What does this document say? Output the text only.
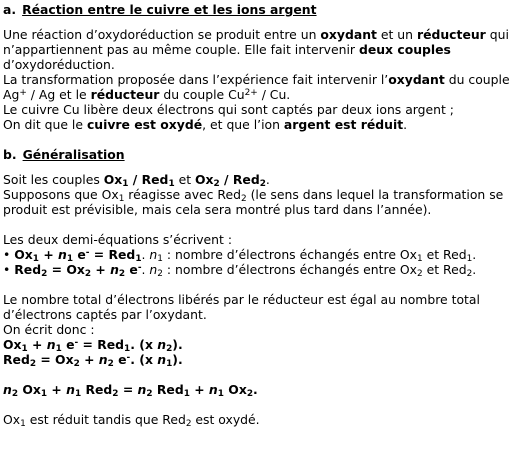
a. Réaction entre le cuivre et les ions argent

Une réaction d’oxydoréduction se produit entre un oxydant et un réducteur qui n’appartiennent pas au même couple. Elle fait intervenir deux couples d’oxydoréduction.

La transformation proposée dans l’expérience fait intervenir l’oxydant du couple Ag+ / Ag et le réducteur du couple $Cu^{2+}$ / Cu.

Le cuivre Cu libère deux électrons qui sont captés par deux ions argent ;

On dit que le cuivre est oxydé, et que l’ion argent est réduit.

b. Généralisation

Soit les couples $Ox_1 / Red_1$ et $Ox_2 / Red_2$.

Supposons que $Ox_1$ réagisse avec Red$_2$ (le sens dans lequel la transformation se produit est prévisible, mais cela sera montré plus tard dans l’année).

Les deux demi-équations s’écrivent :

• $Ox_1 + n_1$ e- = Red$_1$. $n_1$ : nombre d’électrons échangés entre $Ox_1$ et Red$_1$.

• $Red_2 = Ox_2 + n_2$ e-. $n_2$ : nombre d’électrons échangés entre $Ox_2$ et Red$_2$.

Le nombre total d’électrons libérés par le réducteur est égal au nombre total d’électrons captés par l’oxydant.

On écrit donc :

$Ox_1 + n_1$ e- = Red$_1$. (x $n_2$).

$Red_2 = Ox_2 + n_2$ e-. (x $n_1$).

$n_2$ $Ox_1 + n_1$ $Red_2 = n_2$ $Red_1 + n_1$ $Ox_2$.

$Ox_1$ est réduit tandis que Red$_2$ est oxydé.
